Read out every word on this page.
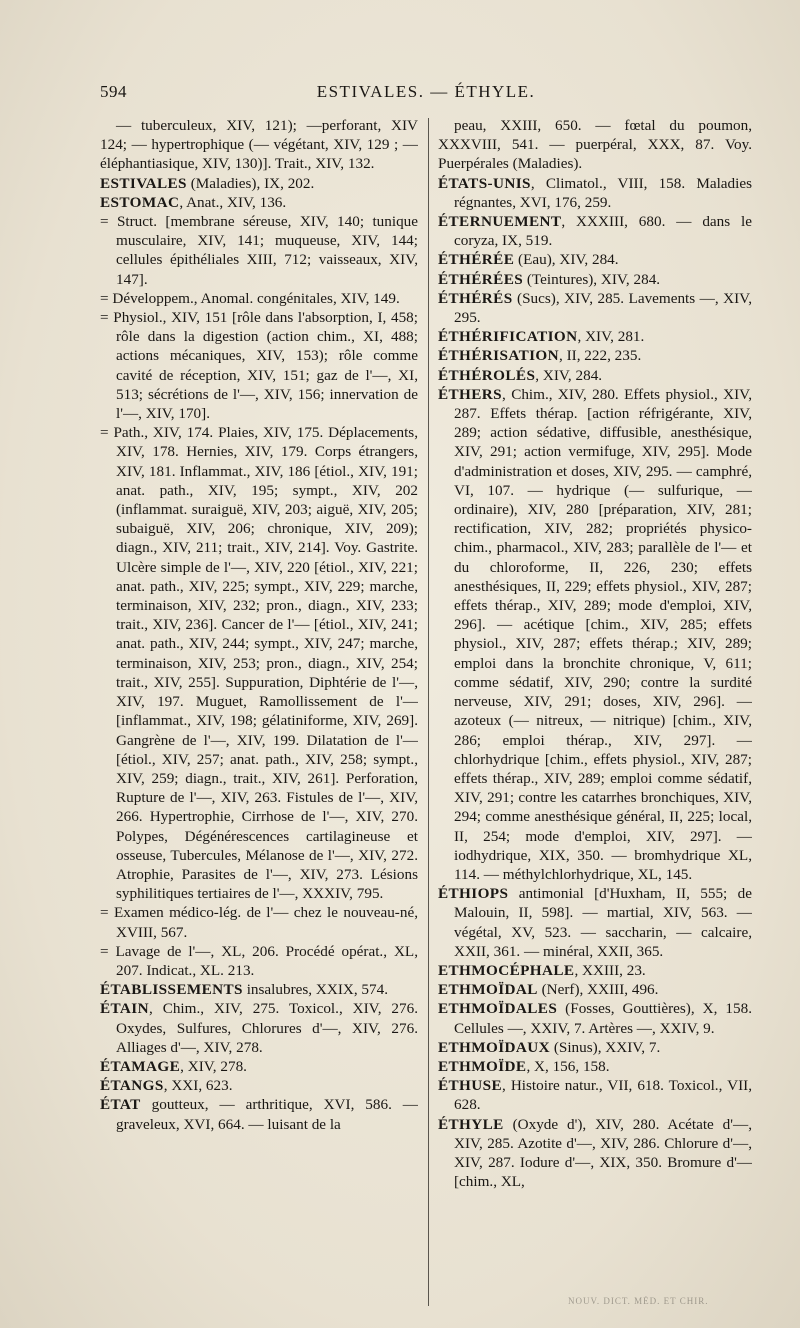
594	ESTIVALES. — ÉTHYLE.

— tuberculeux, XIV, 121); —perforant, XIV 124; — hypertrophique (— végétant, XIV, 129 ; — éléphantiasique, XIV, 130)]. Trait., XIV, 132.

ESTIVALES (Maladies), IX, 202.

ESTOMAC, Anat., XIV, 136.

= Struct. [membrane séreuse, XIV, 140; tunique musculaire, XIV, 141; muqueuse, XIV, 144; cellules épithéliales XIII, 712; vaisseaux, XIV, 147].

= Développem., Anomal. congénitales, XIV, 149.

= Physiol., XIV, 151 [rôle dans l'absorption, I, 458; rôle dans la digestion (action chim., XI, 488; actions mécaniques, XIV, 153); rôle comme cavité de réception, XIV, 151; gaz de l'—, XI, 513; sécrétions de l'—, XIV, 156; innervation de l'—, XIV, 170].

= Path., XIV, 174. Plaies, XIV, 175. Déplacements, XIV, 178. Hernies, XIV, 179. Corps étrangers, XIV, 181. Inflammat., XIV, 186 [étiol., XIV, 191; anat. path., XIV, 195; sympt., XIV, 202 (inflammat. suraiguë, XIV, 203; aiguë, XIV, 205; subaiguë, XIV, 206; chronique, XIV, 209); diagn., XIV, 211; trait., XIV, 214]. Voy. Gastrite. Ulcère simple de l'—, XIV, 220 [étiol., XIV, 221; anat. path., XIV, 225; sympt., XIV, 229; marche, terminaison, XIV, 232; pron., diagn., XIV, 233; trait., XIV, 236]. Cancer de l'— [étiol., XIV, 241; anat. path., XIV, 244; sympt., XIV, 247; marche, terminaison, XIV, 253; pron., diagn., XIV, 254; trait., XIV, 255]. Suppuration, Diphtérie de l'—, XIV, 197. Muguet, Ramollissement de l'— [inflammat., XIV, 198; gélatiniforme, XIV, 269]. Gangrène de l'—, XIV, 199. Dilatation de l'— [étiol., XIV, 257; anat. path., XIV, 258; sympt., XIV, 259; diagn., trait., XIV, 261]. Perforation, Rupture de l'—, XIV, 263. Fistules de l'—, XIV, 266. Hypertrophie, Cirrhose de l'—, XIV, 270. Polypes, Dégénérescences cartilagineuse et osseuse, Tubercules, Mélanose de l'—, XIV, 272. Atrophie, Parasites de l'—, XIV, 273. Lésions syphilitiques tertiaires de l'—, XXXIV, 795.

= Examen médico-lég. de l'— chez le nouveau-né, XVIII, 567.

= Lavage de l'—, XL, 206. Procédé opérat., XL, 207. Indicat., XL. 213.

ÉTABLISSEMENTS insalubres, XXIX, 574.

ÉTAIN, Chim., XIV, 275. Toxicol., XIV, 276. Oxydes, Sulfures, Chlorures d'—, XIV, 276. Alliages d'—, XIV, 278.

ÉTAMAGE, XIV, 278.

ÉTANGS, XXI, 623.

ÉTAT goutteux, — arthritique, XVI, 586. — graveleux, XVI, 664. — luisant de la

peau, XXIII, 650. — fœtal du poumon, XXXVIII, 541. — puerpéral, XXX, 87. Voy. Puerpérales (Maladies).

ÉTATS-UNIS, Climatol., VIII, 158. Maladies régnantes, XVI, 176, 259.

ÉTERNUEMENT, XXXIII, 680. — dans le coryza, IX, 519.

ÉTHÉRÉE (Eau), XIV, 284.

ÉTHÉRÉES (Teintures), XIV, 284.

ÉTHÉRÉS (Sucs), XIV, 285. Lavements —, XIV, 295.

ÉTHÉRIFICATION, XIV, 281.

ÉTHÉRISATION, II, 222, 235.

ÉTHÉROLÉS, XIV, 284.

ÉTHERS, Chim., XIV, 280. Effets physiol., XIV, 287. Effets thérap. [action réfrigérante, XIV, 289; action sédative, diffusible, anesthésique, XIV, 291; action vermifuge, XIV, 295]. Mode d'administration et doses, XIV, 295. — camphré, VI, 107. — hydrique (— sulfurique, — ordinaire), XIV, 280 [préparation, XIV, 281; rectification, XIV, 282; propriétés physico-chim., pharmacol., XIV, 283; parallèle de l'— et du chloroforme, II, 226, 230; effets anesthésiques, II, 229; effets physiol., XIV, 287; effets thérap., XIV, 289; mode d'emploi, XIV, 296]. — acétique [chim., XIV, 285; effets physiol., XIV, 287; effets thérap.; XIV, 289; emploi dans la bronchite chronique, V, 611; comme sédatif, XIV, 290; contre la surdité nerveuse, XIV, 291; doses, XIV, 296]. — azoteux (— nitreux, — nitrique) [chim., XIV, 286; emploi thérap., XIV, 297]. — chlorhydrique [chim., effets physiol., XIV, 287; effets thérap., XIV, 289; emploi comme sédatif, XIV, 291; contre les catarrhes bronchiques, XIV, 294; comme anesthésique général, II, 225; local, II, 254; mode d'emploi, XIV, 297]. — iodhydrique, XIX, 350. — bromhydrique XL, 114. — méthylchlorhydrique, XL, 145.

ÉTHIOPS antimonial [d'Huxham, II, 555; de Malouin, II, 598]. — martial, XIV, 563. — végétal, XV, 523. — saccharin, — calcaire, XXII, 361. — minéral, XXII, 365.

ETHMOCÉPHALE, XXIII, 23.

ETHMOÏDAL (Nerf), XXIII, 496.

ETHMOÏDALES (Fosses, Gouttières), X, 158. Cellules —, XXIV, 7. Artères —, XXIV, 9.

ETHMOÏDAUX (Sinus), XXIV, 7.

ETHMOÏDE, X, 156, 158.

ÉTHUSE, Histoire natur., VII, 618. Toxicol., VII, 628.

ÉTHYLE (Oxyde d'), XIV, 280. Acétate d'—, XIV, 285. Azotite d'—, XIV, 286. Chlorure d'—, XIV, 287. Iodure d'—, XIX, 350. Bromure d'— [chim., XL,

NOUV. DICT. MÉD. ET CHIR.
